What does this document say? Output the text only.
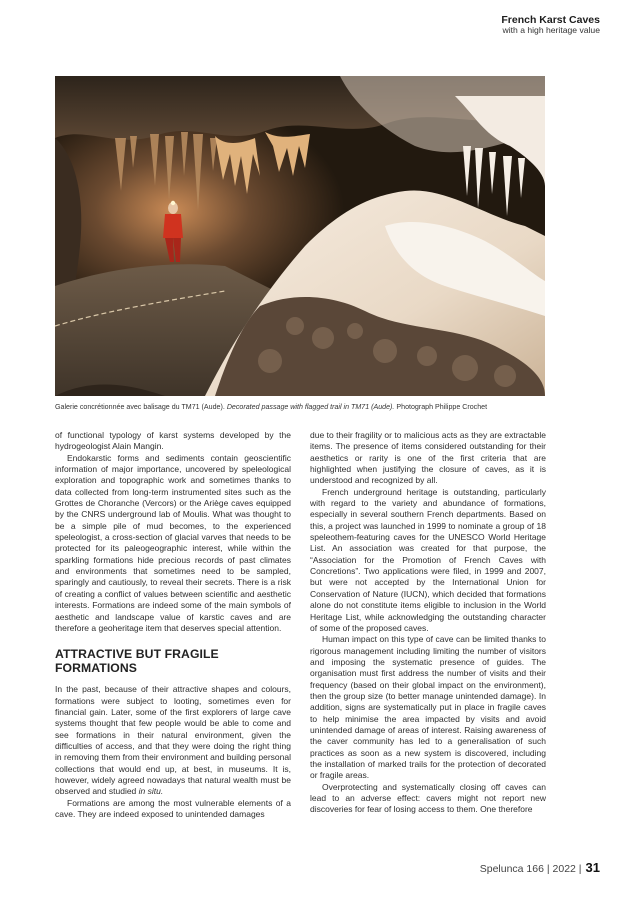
French Karst Caves
with a high heritage value
Galerie concrétionnée avec balisage du TM71 (Aude). Decorated passage with flagged trail in TM71 (Aude). Photograph Philippe Crochet

of functional typology of karst systems developed by the hydrogeologist Alain Mangin.

Endokarstic forms and sediments contain geoscientific information of major importance, uncovered by speleological exploration and topographic work and sometimes thanks to data collected from long-term instrumented sites such as the Grottes de Choranche (Vercors) or the Ariège caves equipped by the CNRS underground lab of Moulis. What was thought to be a simple pile of mud becomes, to the experienced speleologist, a cross-section of glacial varves that needs to be protected for its paleogeographic interest, while within the sparkling formations hide precious records of past climates and environments that sometimes need to be sampled, sparingly and cautiously, to reveal their secrets. There is a risk of creating a conflict of values between scientific and aesthetic interests. Formations are indeed some of the main symbols of aesthetic and landscape value of karstic caves and are therefore a geoheritage item that deserves special attention.

ATTRACTIVE BUT FRAGILE FORMATIONS

In the past, because of their attractive shapes and colours, formations were subject to looting, sometimes even for financial gain. Later, some of the first explorers of large cave systems thought that few people would be able to come and see formations in their natural environment, given the difficulties of access, and that they were doing the right thing in removing them from their environment and building personal collections that would end up, at best, in museums. It is, however, widely agreed nowadays that natural wealth must be observed and studied in situ.

Formations are among the most vulnerable elements of a cave. They are indeed exposed to unintended damages

due to their fragility or to malicious acts as they are extractable items. The presence of items considered outstanding for their aesthetics or rarity is one of the first criteria that are highlighted when justifying the closure of caves, as it is understood and recognized by all.

French underground heritage is outstanding, particularly with regard to the variety and abundance of formations, especially in several southern French departments. Based on this, a project was launched in 1999 to nominate a group of 18 speleothem-featuring caves for the UNESCO World Heritage List. An association was created for that purpose, the “Association for the Promotion of French Caves with Concretions”. Two applications were filed, in 1999 and 2007, but were not accepted by the International Union for Conservation of Nature (IUCN), which decided that formations alone do not constitute items eligible to inclusion in the World Heritage List, while acknowledging the outstanding character of some of the proposed caves.

Human impact on this type of cave can be limited thanks to rigorous management including limiting the number of visitors and imposing the systematic presence of guides. The organisation must first address the number of visits and their frequency (based on their global impact on the environment), then the group size (to better manage unintended damage). In addition, signs are systematically put in place in fragile caves to help minimise the area impacted by visits and avoid unintended damage of areas of interest. Raising awareness of the caver community has led to a generalisation of such practices as soon as a new system is discovered, including the installation of marked trails for the protection of decorated or fragile areas.

Overprotecting and systematically closing off caves can lead to an adverse effect: cavers might not report new discoveries for fear of losing access to them. One therefore

Spelunca 166 | 2022 | 31
